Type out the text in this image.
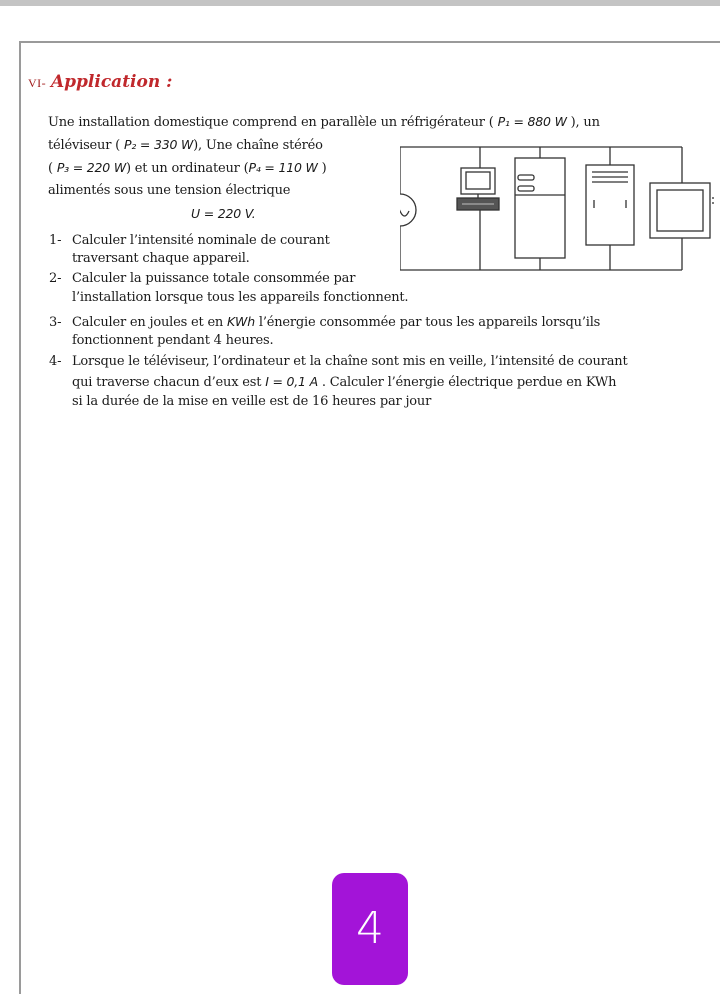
VI- Application :
Une installation domestique comprend en parallèle un réfrigérateur ( P₁ = 880 W ), un
téléviseur ( P₂ = 330 W), Une chaîne stéréo
( P₃ = 220 W) et un ordinateur (P₄ = 110 W )
alimentés sous une tension électrique
U = 220 V.
1- Calculer l’intensité nominale de courant
traversant chaque appareil.
2- Calculer la puissance totale consommée par
l’installation lorsque tous les appareils fonctionnent.
3- Calculer en joules et en KWh l’énergie consommée par tous les appareils lorsqu’ils
fonctionnent pendant 4 heures.
4- Lorsque le téléviseur, l’ordinateur et la chaîne sont mis en veille, l’intensité de courant
qui traverse chacun d’eux est I = 0,1 A . Calculer l’énergie électrique perdue en KWh
si la durée de la mise en veille est de 16 heures par jour
4
